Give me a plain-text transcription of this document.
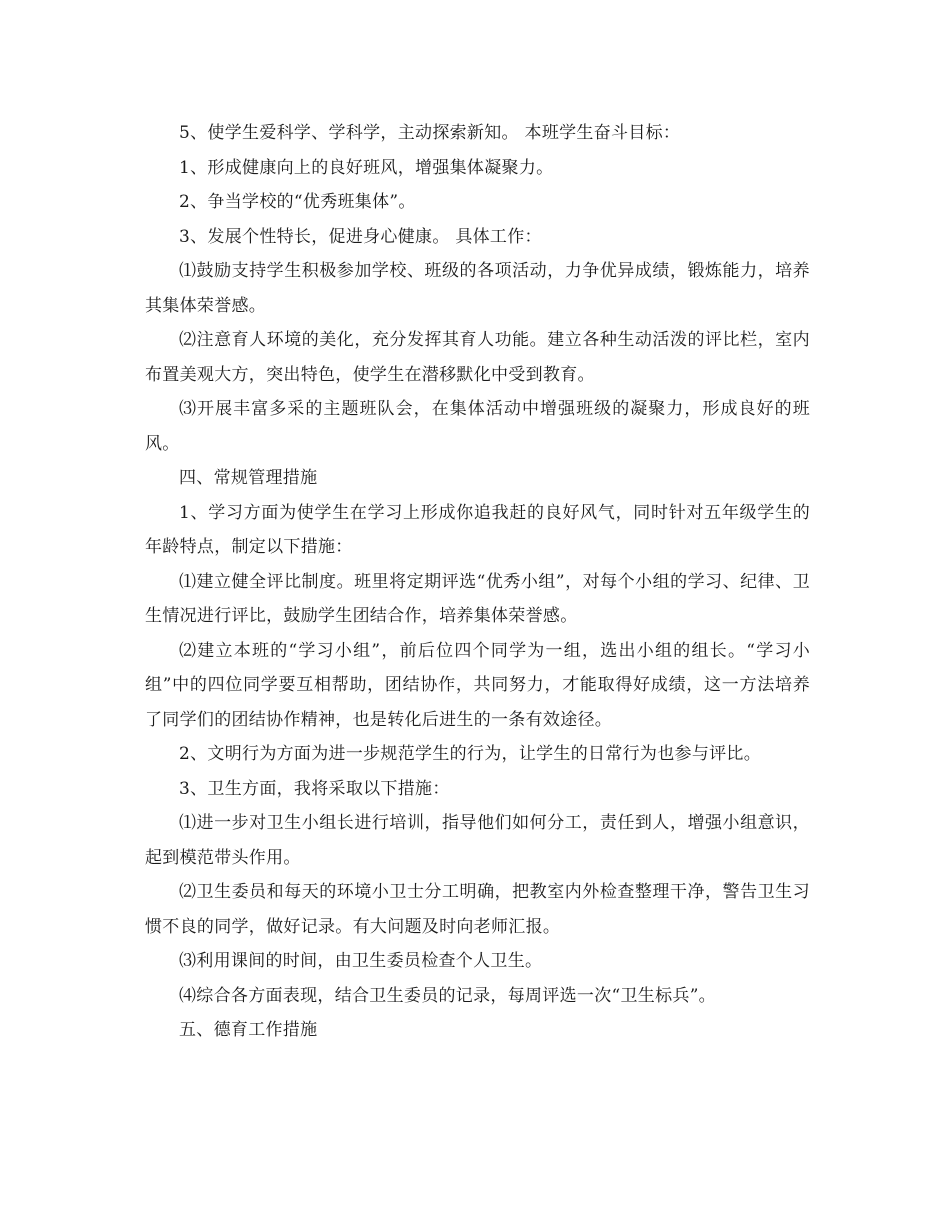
5、使学生爱科学、学科学，主动探索新知。 本班学生奋斗目标：

1、形成健康向上的良好班风，增强集体凝聚力。

2、争当学校的“优秀班集体”。

3、发展个性特长，促进身心健康。 具体工作：

⑴鼓励支持学生积极参加学校、班级的各项活动，力争优异成绩，锻炼能力，培养其集体荣誉感。

⑵注意育人环境的美化，充分发挥其育人功能。建立各种生动活泼的评比栏，室内布置美观大方，突出特色，使学生在潜移默化中受到教育。

⑶开展丰富多采的主题班队会，在集体活动中增强班级的凝聚力，形成良好的班风。

四、常规管理措施

1、学习方面为使学生在学习上形成你追我赶的良好风气，同时针对五年级学生的年龄特点，制定以下措施：

⑴建立健全评比制度。班里将定期评选“优秀小组”，对每个小组的学习、纪律、卫生情况进行评比，鼓励学生团结合作，培养集体荣誉感。

⑵建立本班的“学习小组”，前后位四个同学为一组，选出小组的组长。“学习小组”中的四位同学要互相帮助，团结协作，共同努力，才能取得好成绩，这一方法培养了同学们的团结协作精神，也是转化后进生的一条有效途径。

2、文明行为方面为进一步规范学生的行为，让学生的日常行为也参与评比。

3、卫生方面，我将采取以下措施：

⑴进一步对卫生小组长进行培训，指导他们如何分工，责任到人，增强小组意识，起到模范带头作用。

⑵卫生委员和每天的环境小卫士分工明确，把教室内外检查整理干净，警告卫生习惯不良的同学，做好记录。有大问题及时向老师汇报。

⑶利用课间的时间，由卫生委员检查个人卫生。

⑷综合各方面表现，结合卫生委员的记录，每周评选一次“卫生标兵”。

五、德育工作措施
